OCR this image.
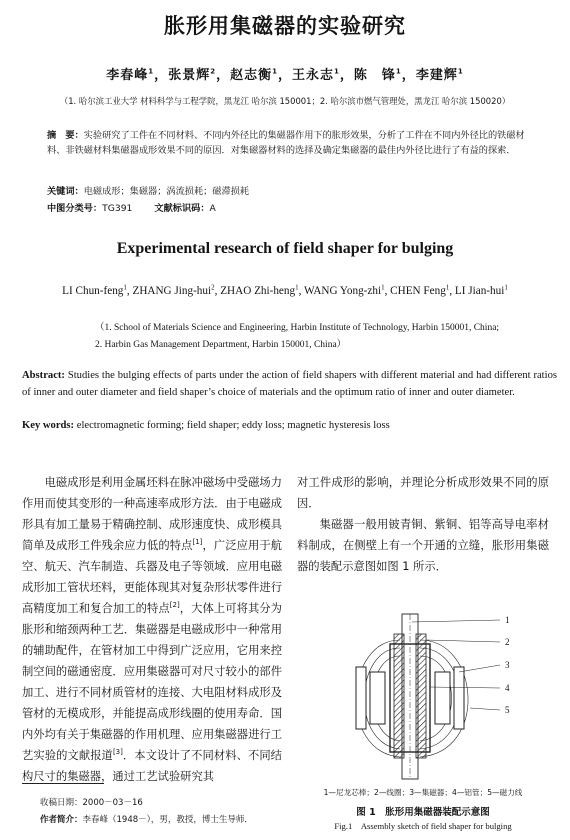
胀形用集磁器的实验研究
李春峰$^1$，张景辉$^2$，赵志衡$^1$，王永志$^1$，陈　锋$^1$，李建辉$^1$
（1. 哈尔滨工业大学 材料科学与工程学院，黑龙江 哈尔滨 150001；2. 哈尔滨市燃气管理处，黑龙江 哈尔滨 150020）
摘　要：实验研究了工件在不同材料、不同内外径比的集磁器作用下的胀形效果，分析了工件在不同内外径比的铁磁材料、非铁磁材料集磁器成形效果不同的原因．对集磁器材料的选择及确定集磁器的最佳内外径比进行了有益的探索．
关键词：电磁成形；集磁器；涡流损耗；磁滞损耗
中图分类号：TG391 文献标识码：A
Experimental research of field shaper for bulging
LI Chun-feng$^1$, ZHANG Jing-hui$^2$, ZHAO Zhi-heng$^1$, WANG Yong-zhi$^1$, CHEN Feng$^1$, LI Jian-hui$^1$
（1. School of Materials Science and Engineering, Harbin Institute of Technology, Harbin 150001, China;
2. Harbin Gas Management Department, Harbin 150001, China）
Abstract: Studies the bulging effects of parts under the action of field shapers with different material and had different ratios of inner and outer diameter and field shaper’s choice of materials and the optimum ratio of inner and outer diameter.
Key words: electromagnetic forming; field shaper; eddy loss; magnetic hysteresis loss

电磁成形是利用金属坯料在脉冲磁场中受磁场力作用而使其变形的一种高速率成形方法．由于电磁成形具有加工量易于精确控制、成形速度快、成形模具简单及成形工件残余应力低的特点[1]，广泛应用于航空、航天、汽车制造、兵器及电子等领域．应用电磁成形加工管状坯料，更能体现其对复杂形状零件进行高精度加工和复合加工的特点[2]，大体上可将其分为胀形和缩颈两种工艺．集磁器是电磁成形中一种常用的辅助配件，在管材加工中得到广泛应用，它用来控制空间的磁通密度．应用集磁器可对尺寸较小的部件加工、进行不同材质管材的连接、大电阻材料成形及管材的无模成形，并能提高成形线圈的使用寿命．国内外均有关于集磁器的作用机理、应用集磁器进行工艺实验的文献报道[3]．本文设计了不同材料、不同结构尺寸的集磁器，通过工艺试验研究其

对工件成形的影响，并理论分析成形效果不同的原因．

集磁器一般用铍青铜、紫铜、铝等高导电率材料制成，在侧壁上有一个开通的立缝，胀形用集磁器的装配示意图如图 1 所示．

收稿日期：2000－03－16
作者简介：李春峰（1948－），男，教授，博士生导师．
1
2
3
4
5
1—尼龙芯棒；2—线圈；3—集磁器；4—铝管；5—磁力线
图 1　胀形用集磁器装配示意图
Fig.1　Assembly sketch of field shaper for bulging
